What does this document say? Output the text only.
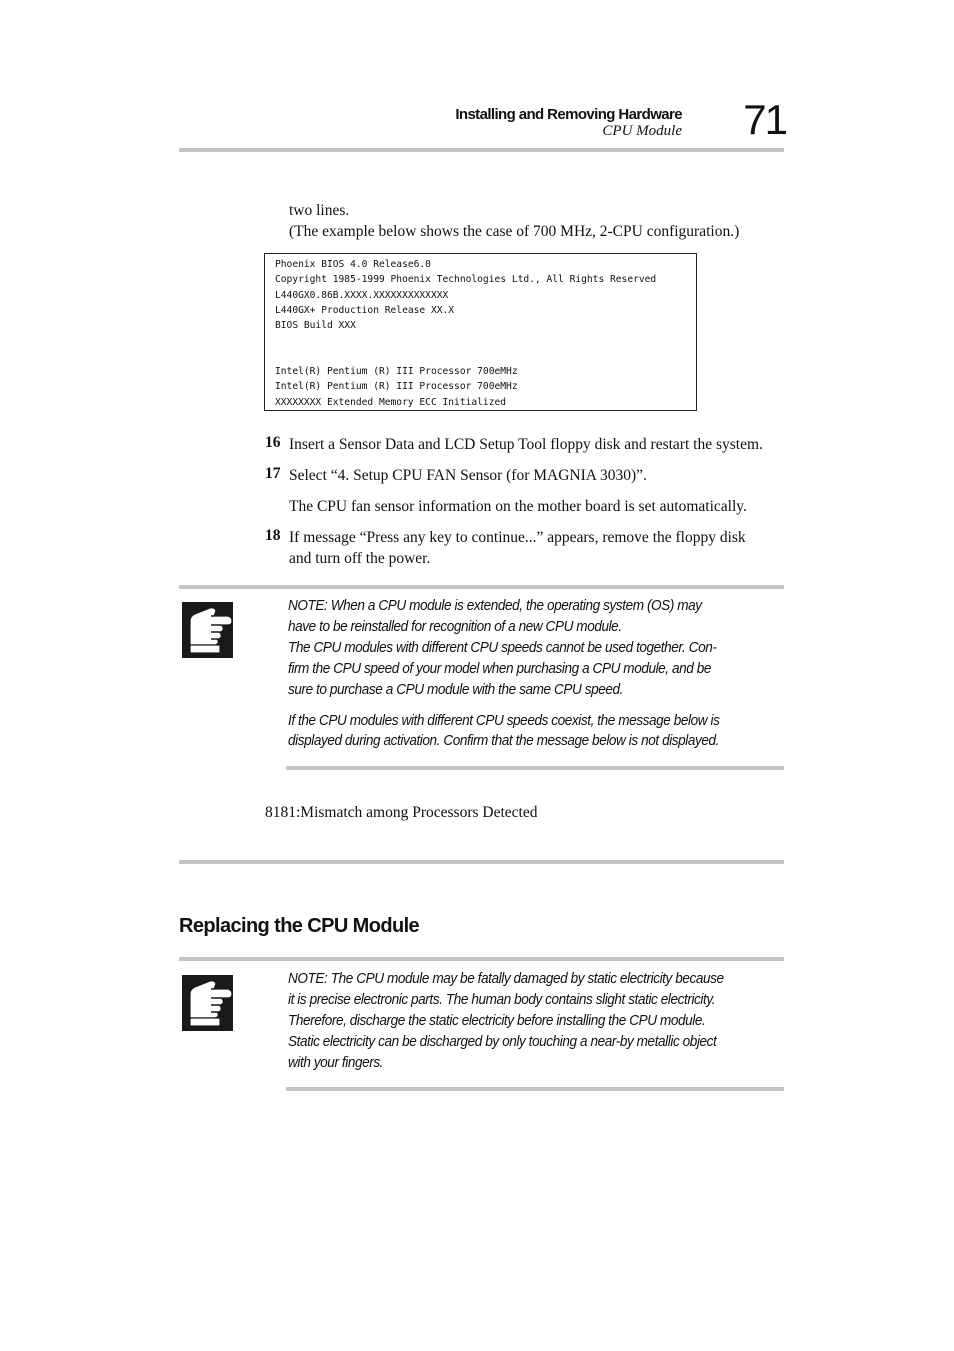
Installing and Removing Hardware
CPU Module 71
two lines.
(The example below shows the case of 700 MHz, 2-CPU configuration.)
Phoenix BIOS 4.0 Release6.0
Copyright 1985-1999 Phoenix Technologies Ltd., All Rights Reserved
L440GX0.86B.XXXX.XXXXXXXXXXXXX
L440GX+ Production Release XX.X
BIOS Build XXX
Intel(R) Pentium (R) III Processor 700eMHz
Intel(R) Pentium (R) III Processor 700eMHz
XXXXXXXX Extended Memory ECC Initialized
16 Insert a Sensor Data and LCD Setup Tool floppy disk and restart the system.
17 Select “4. Setup CPU FAN Sensor (for MAGNIA 3030)”.
The CPU fan sensor information on the mother board is set automatically.
18 If message “Press any key to continue...” appears, remove the floppy disk
and turn off the power.
NOTE: When a CPU module is extended, the operating system (OS) may
have to be reinstalled for recognition of a new CPU module.
The CPU modules with different CPU speeds cannot be used together. Con-
firm the CPU speed of your model when purchasing a CPU module, and be
sure to purchase a CPU module with the same CPU speed.
If the CPU modules with different CPU speeds coexist, the message below is
displayed during activation. Confirm that the message below is not displayed.
8181:Mismatch among Processors Detected
Replacing the CPU Module
NOTE: The CPU module may be fatally damaged by static electricity because
it is precise electronic parts. The human body contains slight static electricity.
Therefore, discharge the static electricity before installing the CPU module.
Static electricity can be discharged by only touching a near-by metallic object
with your fingers.
